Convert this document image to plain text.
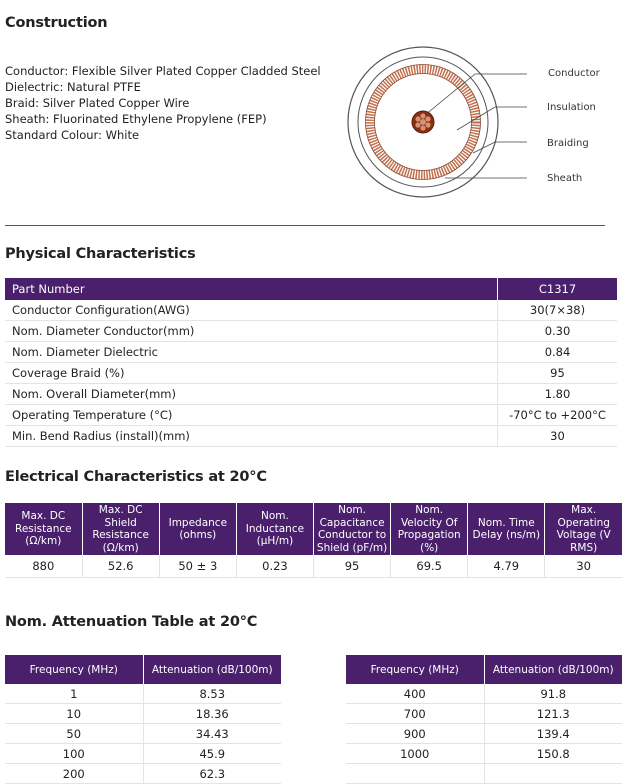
Construction
Conductor: Flexible Silver Plated Copper Cladded Steel
Dielectric: Natural PTFE
Braid: Silver Plated Copper Wire
Sheath: Fluorinated Ethylene Propylene (FEP)
Standard Colour: White
Conductor
Insulation
Braiding
Sheath
Physical Characteristics
Part Number	C1317
Conductor Configuration(AWG)	30(7×38)
Nom. Diameter Conductor(mm)	0.30
Nom. Diameter Dielectric	0.84
Coverage Braid (%)	95
Nom. Overall Diameter(mm)	1.80
Operating Temperature (°C)	-70°C to +200°C
Min. Bend Radius (install)(mm)	30
Electrical Characteristics at 20°C
Max. DC Resistance (Ω/km)	Max. DC Shield Resistance (Ω/km)	Impedance (ohms)	Nom. Inductance (µH/m)	Nom. Capacitance Conductor to Shield (pF/m)	Nom. Velocity Of Propagation (%)	Nom. Time Delay (ns/m)	Max. Operating Voltage (V RMS)
880	52.6	50 ± 3	0.23	95	69.5	4.79	30
Nom. Attenuation Table at 20°C
Frequency (MHz)	Attenuation (dB/100m)
1	8.53
10	18.36
50	34.43
100	45.9
200	62.3
Frequency (MHz)	Attenuation (dB/100m)
400	91.8
700	121.3
900	139.4
1000	150.8
